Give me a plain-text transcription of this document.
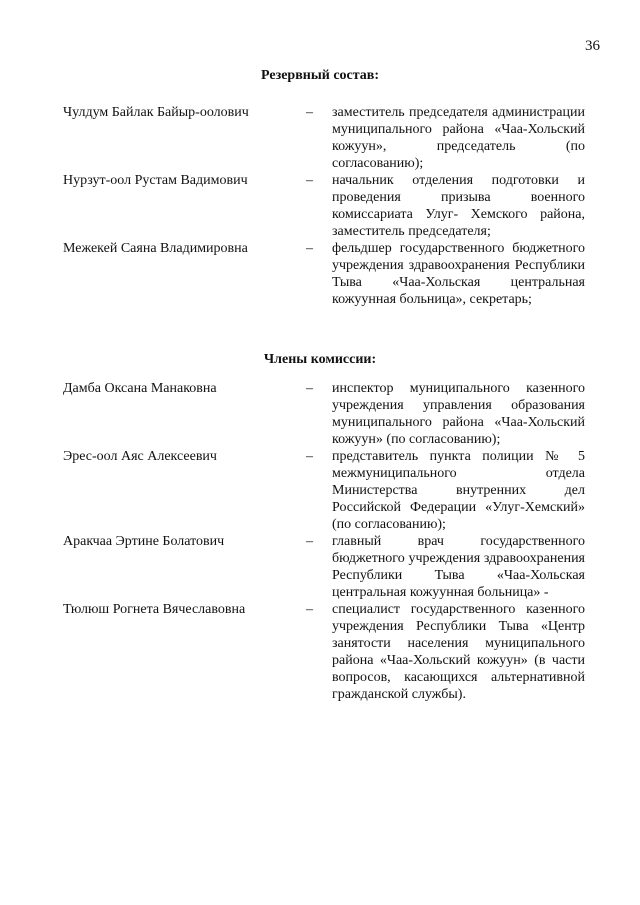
36
Резервный состав:
Чулдум Байлак Байыр-оолович	–	заместитель председателя администрации муниципального района «Чаа-Хольский кожуун», председатель (по согласованию);
Нурзут-оол Рустам Вадимович	–	начальник отделения подготовки и проведения призыва военного комиссариата Улуг- Хемского района, заместитель председателя;
Межекей Саяна Владимировна	–	фельдшер государственного бюджетного учреждения здравоохранения Республики Тыва «Чаа-Хольская центральная кожуунная больница», секретарь;
Члены комиссии:
Дамба Оксана Манаковна	–	инспектор муниципального казенного учреждения управления образования муниципального района «Чаа-Хольский кожуун» (по согласованию);
Эрес-оол Аяс Алексеевич	–	представитель пункта полиции № 5 межмуниципального отдела Министерства внутренних дел Российской Федерации «Улуг-Хемский» (по согласованию);
Аракчаа Эртине Болатович	–	главный врач государственного бюджетного учреждения здравоохранения Республики Тыва «Чаа-Хольская центральная кожуунная больница» -
Тюлюш Рогнета Вячеславовна	–	специалист государственного казенного учреждения Республики Тыва «Центр занятости населения муниципального района «Чаа-Хольский кожуун» (в части вопросов, касающихся альтернативной гражданской службы).
